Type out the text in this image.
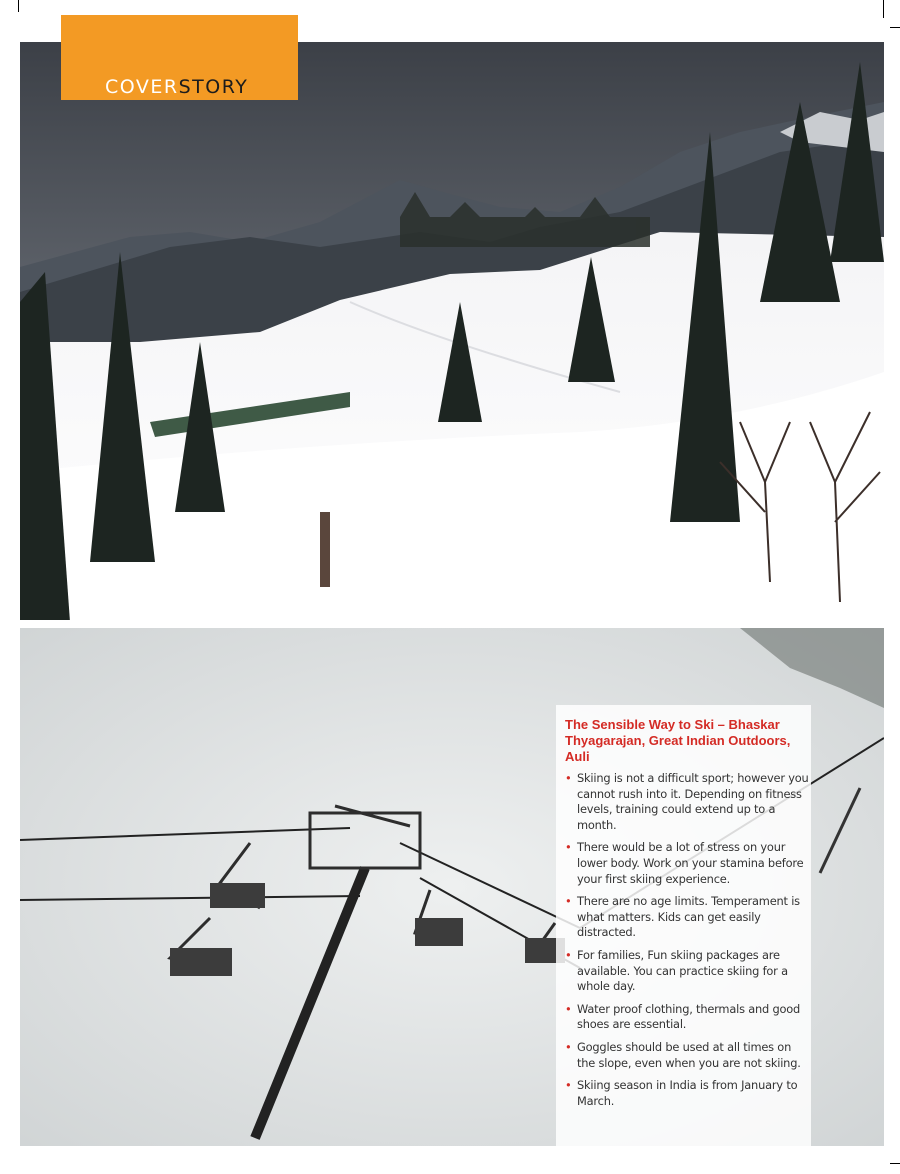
COVERSTORY
The Sensible Way to Ski – Bhaskar Thyagarajan, Great Indian Outdoors, Auli
• Skiing is not a difficult sport; however you cannot rush into it. Depending on fitness levels, training could extend up to a month.
• There would be a lot of stress on your lower body. Work on your stamina before your first skiing experience.
• There are no age limits. Temperament is what matters. Kids can get easily distracted.
• For families, Fun skiing packages are available. You can practice skiing for a whole day.
• Water proof clothing, thermals and good shoes are essential.
• Goggles should be used at all times on the slope, even when you are not skiing.
• Skiing season in India is from January to March.
